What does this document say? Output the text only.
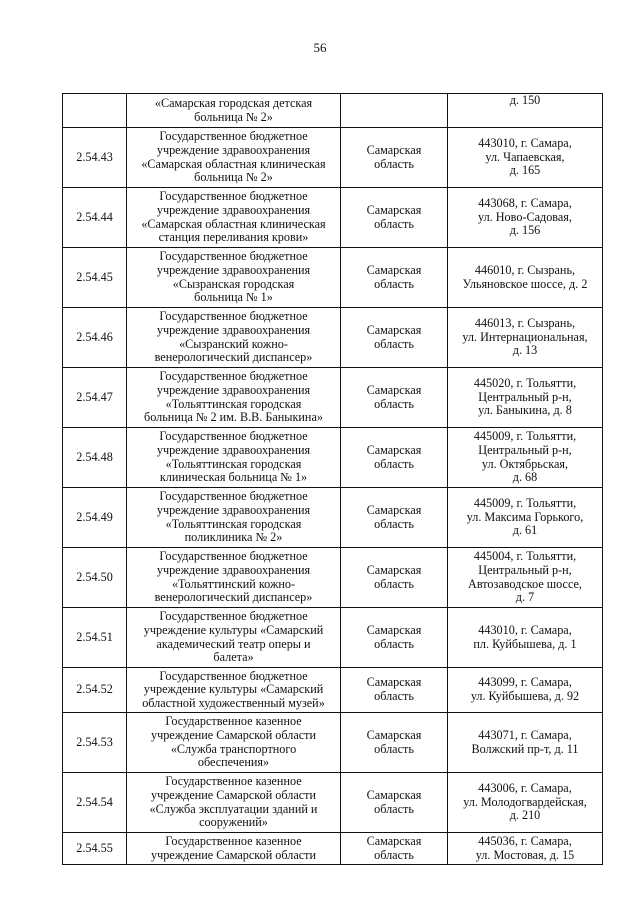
56
	«Самарская городская детская
больница № 2»		д. 150
2.54.43	Государственное бюджетное
учреждение здравоохранения
«Самарская областная клиническая
больница № 2»	Самарская
область	443010, г. Самара,
ул. Чапаевская,
д. 165
2.54.44	Государственное бюджетное
учреждение здравоохранения
«Самарская областная клиническая
станция переливания крови»	Самарская
область	443068, г. Самара,
ул. Ново-Садовая,
д. 156
2.54.45	Государственное бюджетное
учреждение здравоохранения
«Сызранская городская
больница № 1»	Самарская
область	446010, г. Сызрань,
Ульяновское шоссе, д. 2
2.54.46	Государственное бюджетное
учреждение здравоохранения
«Сызранский кожно-
венерологический диспансер»	Самарская
область	446013, г. Сызрань,
ул. Интернациональная,
д. 13
2.54.47	Государственное бюджетное
учреждение здравоохранения
«Тольяттинская городская
больница № 2 им. В.В. Баныкина»	Самарская
область	445020, г. Тольятти,
Центральный р-н,
ул. Баныкина, д. 8
2.54.48	Государственное бюджетное
учреждение здравоохранения
«Тольяттинская городская
клиническая больница № 1»	Самарская
область	445009, г. Тольятти,
Центральный р-н,
ул. Октябрьская,
д. 68
2.54.49	Государственное бюджетное
учреждение здравоохранения
«Тольяттинская городская
поликлиника № 2»	Самарская
область	445009, г. Тольятти,
ул. Максима Горького,
д. 61
2.54.50	Государственное бюджетное
учреждение здравоохранения
«Тольяттинский кожно-
венерологический диспансер»	Самарская
область	445004, г. Тольятти,
Центральный р-н,
Автозаводское шоссе,
д. 7
2.54.51	Государственное бюджетное
учреждение культуры «Самарский
академический театр оперы и
балета»	Самарская
область	443010, г. Самара,
пл. Куйбышева, д. 1
2.54.52	Государственное бюджетное
учреждение культуры «Самарский
областной художественный музей»	Самарская
область	443099, г. Самара,
ул. Куйбышева, д. 92
2.54.53	Государственное казенное
учреждение Самарской области
«Служба транспортного
обеспечения»	Самарская
область	443071, г. Самара,
Волжский пр-т, д. 11
2.54.54	Государственное казенное
учреждение Самарской области
«Служба эксплуатации зданий и
сооружений»	Самарская
область	443006, г. Самара,
ул. Молодогвардейская,
д. 210
2.54.55	Государственное казенное
учреждение Самарской области	Самарская
область	445036, г. Самара,
ул. Мостовая, д. 15
